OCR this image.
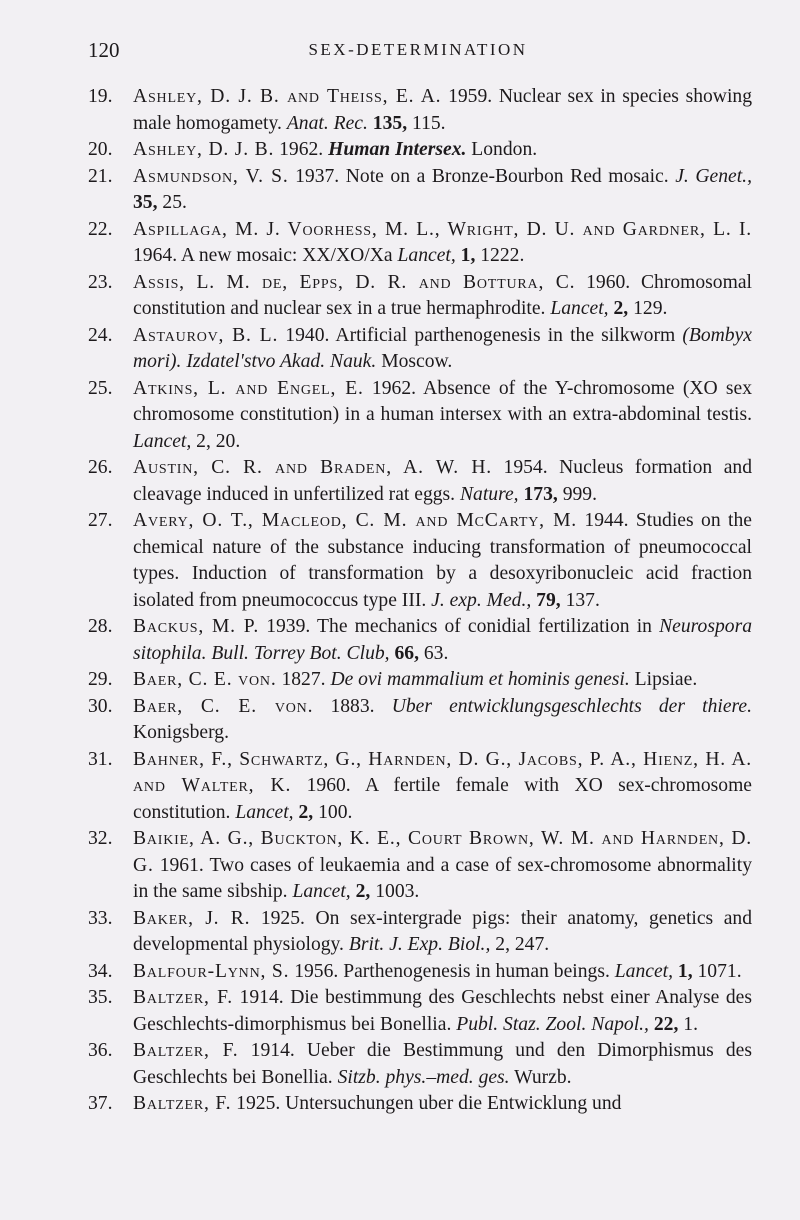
120	SEX-DETERMINATION
19. Ashley, D. J. B. and Theiss, E. A. 1959. Nuclear sex in species showing male homogamety. Anat. Rec. 135, 115.
20. Ashley, D. J. B. 1962. Human Intersex. London.
21. Asmundson, V. S. 1937. Note on a Bronze-Bourbon Red mosaic. J. Genet., 35, 25.
22. Aspillaga, M. J. Voorhess, M. L., Wright, D. U. and Gardner, L. I. 1964. A new mosaic: XX/XO/Xa Lancet, 1, 1222.
23. Assis, L. M. de, Epps, D. R. and Bottura, C. 1960. Chromosomal constitution and nuclear sex in a true hermaphrodite. Lancet, 2, 129.
24. Astaurov, B. L. 1940. Artificial parthenogenesis in the silkworm (Bombyx mori). Izdatel'stvo Akad. Nauk. Moscow.
25. Atkins, L. and Engel, E. 1962. Absence of the Y-chromosome (XO sex chromosome constitution) in a human intersex with an extra-abdominal testis. Lancet, 2, 20.
26. Austin, C. R. and Braden, A. W. H. 1954. Nucleus formation and cleavage induced in unfertilized rat eggs. Nature, 173, 999.
27. Avery, O. T., Macleod, C. M. and McCarty, M. 1944. Studies on the chemical nature of the substance inducing transformation of pneumococcal types. Induction of transformation by a desoxyribonucleic acid fraction isolated from pneumococcus type III. J. exp. Med., 79, 137.
28. Backus, M. P. 1939. The mechanics of conidial fertilization in Neurospora sitophila. Bull. Torrey Bot. Club, 66, 63.
29. Baer, C. E. von. 1827. De ovi mammalium et hominis genesi. Lipsiae.
30. Baer, C. E. von. 1883. Uber entwicklungsgeschlechts der thiere. Konigsberg.
31. Bahner, F., Schwartz, G., Harnden, D. G., Jacobs, P. A., Hienz, H. A. and Walter, K. 1960. A fertile female with XO sex-chromosome constitution. Lancet, 2, 100.
32. Baikie, A. G., Buckton, K. E., Court Brown, W. M. and Harnden, D. G. 1961. Two cases of leukaemia and a case of sex-chromosome abnormality in the same sibship. Lancet, 2, 1003.
33. Baker, J. R. 1925. On sex-intergrade pigs: their anatomy, genetics and developmental physiology. Brit. J. Exp. Biol., 2, 247.
34. Balfour-Lynn, S. 1956. Parthenogenesis in human beings. Lancet, 1, 1071.
35. Baltzer, F. 1914. Die bestimmung des Geschlechts nebst einer Analyse des Geschlechts-dimorphismus bei Bonellia. Publ. Staz. Zool. Napol., 22, 1.
36. Baltzer, F. 1914. Ueber die Bestimmung und den Dimorphismus des Geschlechts bei Bonellia. Sitzb. phys.–med. ges. Wurzb.
37. Baltzer, F. 1925. Untersuchungen uber die Entwicklung und
